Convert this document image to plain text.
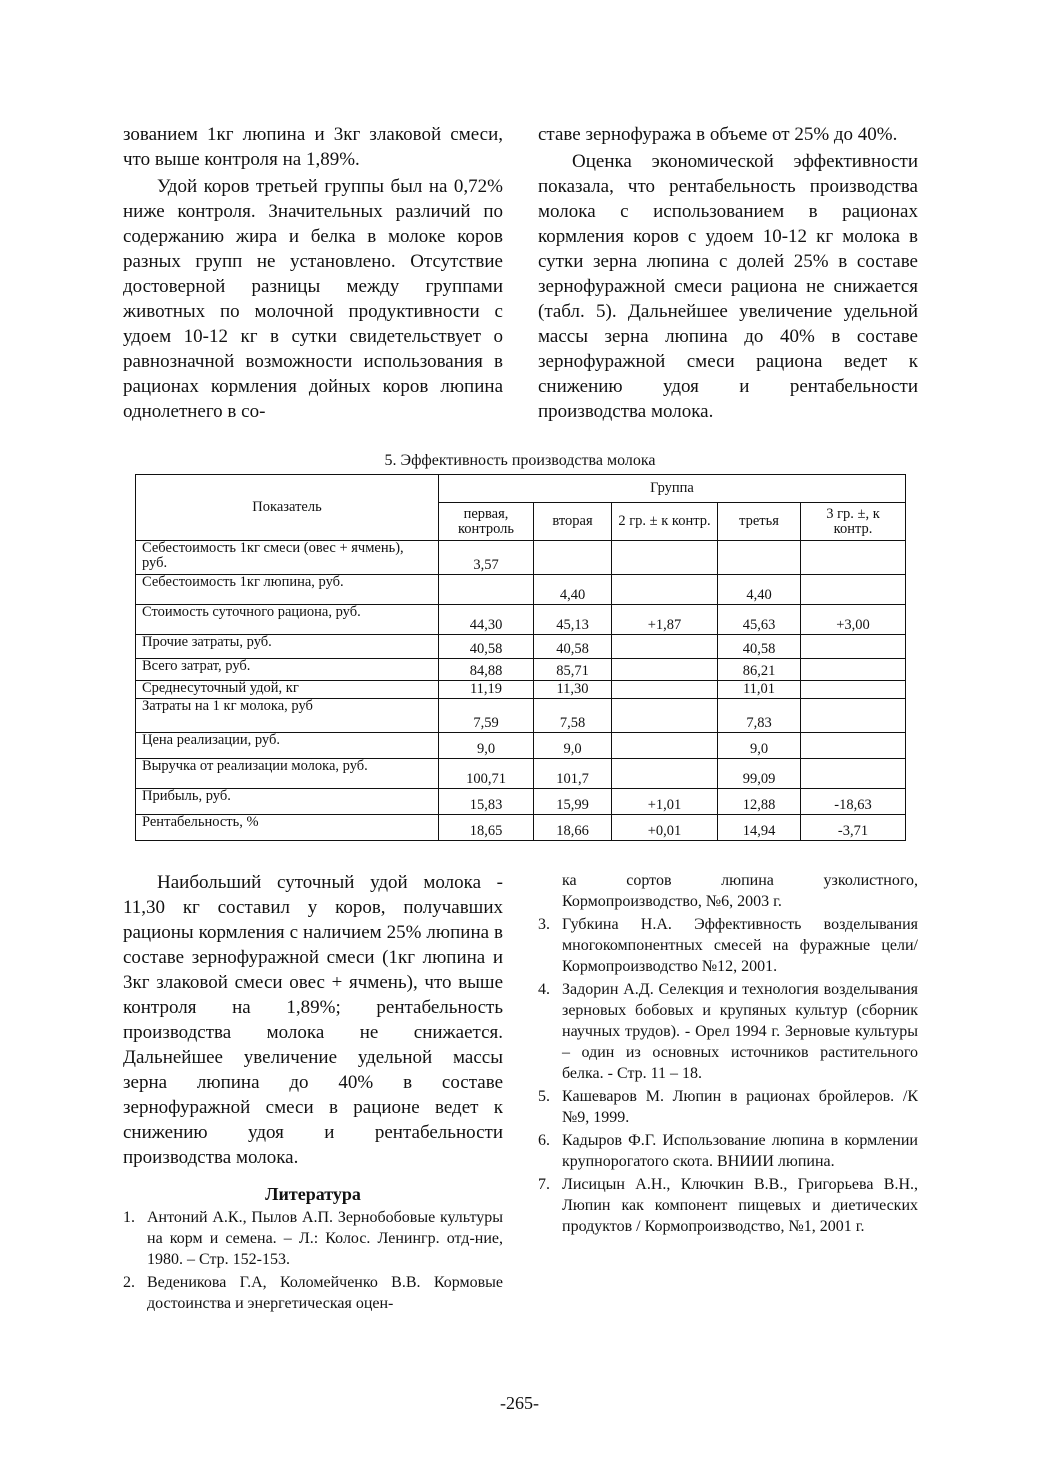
зованием 1кг люпина и 3кг злаковой смеси, что выше контроля на 1,89%.

Удой коров третьей группы был на 0,72% ниже контроля. Значительных различий по содержанию жира и белка в молоке коров разных групп не установлено. Отсутствие достоверной разницы между группами животных по молочной продуктивности с удоем 10-12 кг в сутки свидетельствует о равнозначной возможности использования в рационах кормления дойных коров люпина однолетнего в со-

ставе зернофуража в объеме от 25% до 40%.

Оценка экономической эффективности показала, что рентабельность производства молока с использованием в рационах кормления коров с удоем 10-12 кг молока в сутки зерна люпина с долей 25% в составе зернофуражной смеси рациона не снижается (табл. 5). Дальнейшее увеличение удельной массы зерна люпина до 40% в составе зернофуражной смеси рациона ведет к снижению удоя и рентабельности производства молока.

5. Эффективность производства молока
Показатель	Группа				
	первая, контроль	вторая	2 гр. ± к контр.	третья	3 гр. ±, к контр.
Себестоимость 1кг смеси (овес + ячмень), руб.	3,57				
Себестоимость 1кг люпина, руб.		4,40		4,40	
Стоимость суточного рациона, руб.	44,30	45,13	+1,87	45,63	+3,00
Прочие затраты, руб.	40,58	40,58		40,58	
Всего затрат, руб.	84,88	85,71		86,21	
Среднесуточный удой, кг	11,19	11,30		11,01	
Затраты на 1 кг молока, руб	7,59	7,58		7,83	
Цена реализации, руб.	9,0	9,0		9,0	
Выручка от реализации молока, руб.	100,71	101,7		99,09	
Прибыль, руб.	15,83	15,99	+1,01	12,88	-18,63
Рентабельность, %	18,65	18,66	+0,01	14,94	-3,71

Наибольший суточный удой молока - 11,30 кг составил у коров, получавших рационы кормления с наличием 25% люпина в составе зернофуражной смеси (1кг люпина и 3кг злаковой смеси овес + ячмень), что выше контроля на 1,89%; рентабельность производства молока не снижается. Дальнейшее увеличение удельной массы зерна люпина до 40% в составе зернофуражной смеси в рационе ведет к снижению удоя и рентабельности производства молока.

Литература
1. Антоний А.К., Пылов А.П. Зернобобовые культуры на корм и семена. – Л.: Колос. Ленингр. отд-ние, 1980. – Стр. 152-153.
2. Веденикова Г.А, Коломейченко В.В. Кормовые достоинства и энергетическая оцен-
ка сортов люпина узколистного, Кормопроизводство, №6, 2003 г.
3. Губкина Н.А. Эффективность возделывания многокомпонентных смесей на фуражные цели/ Кормопроизводство №12, 2001.
4. Задорин А.Д. Селекция и технология возделывания зерновых бобовых и крупяных культур (сборник научных трудов). - Орел 1994 г. Зерновые культуры – один из основных источников растительного белка. - Стр. 11 – 18.
5. Кашеваров М. Люпин в рационах бройлеров. /К №9, 1999.
6. Кадыров Ф.Г. Использование люпина в кормлении крупнорогатого скота. ВНИИИ люпина.
7. Лисицын А.Н., Ключкин В.В., Григорьева В.Н., Люпин как компонент пищевых и диетических продуктов / Кормопроизводство, №1, 2001 г.
-265-
